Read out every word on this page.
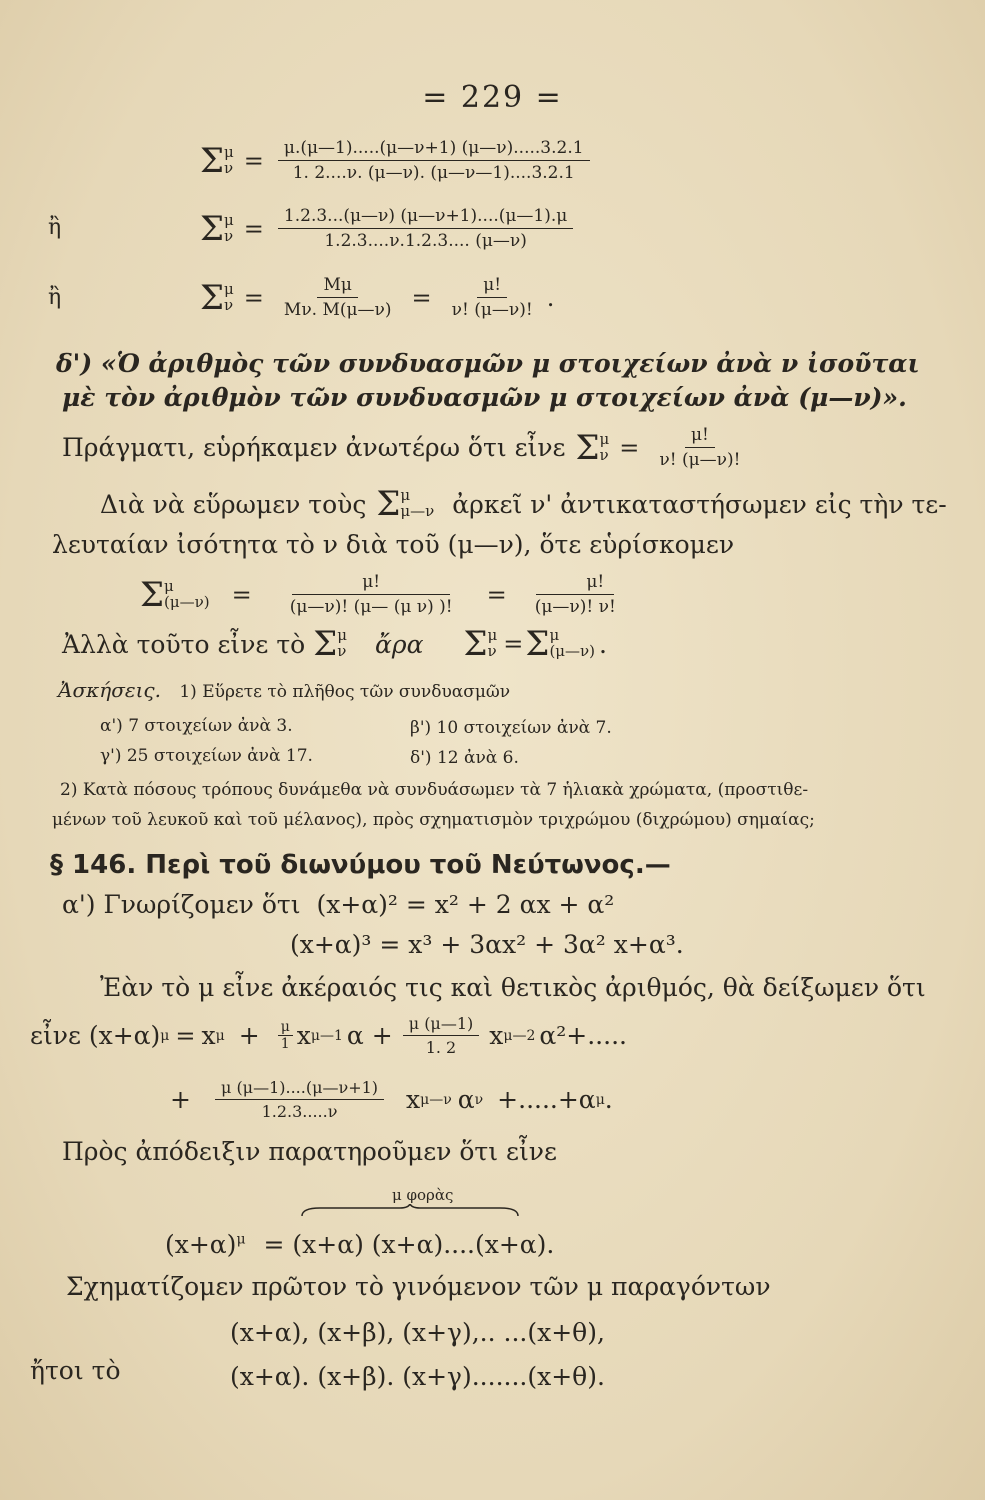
= 229 =
Σ μ
$\nu = \frac{\mu.(\mu—1).....(\mu—\nu+1) (\mu—\nu).....3.2.1}{1. 2....\nu. (\mu—\nu). (\mu—\nu—1)....3.2.1}$
ἢ	Σ μ
$\nu = \frac{1.2.3...(\mu—\nu) (\mu—\nu+1)....(\mu—1).\mu}{1.2.3....\nu.1.2.3.... (\mu—\nu)}$
ἢ	Σ μ
$\nu = \frac{M\mu}{M\nu. M(\mu—\nu)} = \frac{\mu!}{\nu! (\mu—\nu)!}$ .
δ') «Ὁ ἀριθμὸς τῶν συνδυασμῶν μ στοιχείων ἀνὰ ν ἰσοῦται
μὲ τὸν ἀριθμὸν τῶν συνδυασμῶν μ στοιχείων ἀνὰ (μ—ν)».
Πράγματι, εὑρήκαμεν ἀνωτέρω ὅτι εἶνε Σ μ
$\nu = \frac{\mu!}{\nu! (\mu—\nu)!}$
Διὰ νὰ εὕρωμεν τοὺς Σ μ
μ—ν ἀρκεῖ ν' ἀντικαταστήσωμεν εἰς τὴν τε-
λευταίαν ἰσότητα τὸ ν διὰ τοῦ (μ—ν), ὅτε εὑρίσκομεν
Σ μ
(μ—ν) = $\frac{\mu!}{\text{(μ—ν)! (μ— (μ ν) )!}} = \frac{\mu!}{(\mu—\nu)! \nu!}$
Ἀλλὰ τοῦτο εἶνε τὸ Σ μ
ν ἄρα Σ μ
ν = Σ μ
(μ—ν) .
Ἀσκήσεις. 1) Εὕρετε τὸ πλῆθος τῶν συνδυασμῶν
α') 7 στοιχείων ἀνὰ 3.	β') 10 στοιχείων ἀνὰ 7.
γ') 25 στοιχείων ἀνὰ 17.	δ') 12 ἀνὰ 6.
2) Κατὰ πόσους τρόπους δυνάμεθα νὰ συνδυάσωμεν τὰ 7 ἡλιακὰ χρώματα, (προστιθε-
μένων τοῦ λευκοῦ καὶ τοῦ μέλανος), πρὸς σχηματισμὸν τριχρώμου (διχρώμου) σημαίας;
§ 146. Περὶ τοῦ διωνύμου τοῦ Νεύτωνος.—
α') Γνωρίζομεν ὅτι (x+α)² = x² + 2 αx + α²
(x+α)³ = x³ + 3αx² + 3α² x+α³.
Ἐὰν τὸ μ εἶνε ἀκέραιός τις καὶ θετικὸς ἀριθμός, θὰ δείξωμεν ὅτι
εἶνε (x+α) μ = x $\mu + \frac{\mu}{1}$ x μ—1 $\alpha + \frac{\mu (\mu—1)}{1. 2}$ x μ—2 α²+.....
+ $\frac{\mu (\mu—1)....(\mu—\nu+1)}{1.2.3.....\nu}$ x μ—ν α ν +.....+α μ .
Πρὸς ἀπόδειξιν παρατηροῦμεν ὅτι εἶνε
μ φορὰς
$(x+\alpha)^\mu = (x+\alpha)$ (x+α)....(x+α).
Σχηματίζομεν πρῶτον τὸ γινόμενον τῶν μ παραγόντων
(x+α), (x+β), (x+γ),.. ...(x+θ),
ἤτοι τὸ	(x+α). (x+β). (x+γ).......(x+θ).
